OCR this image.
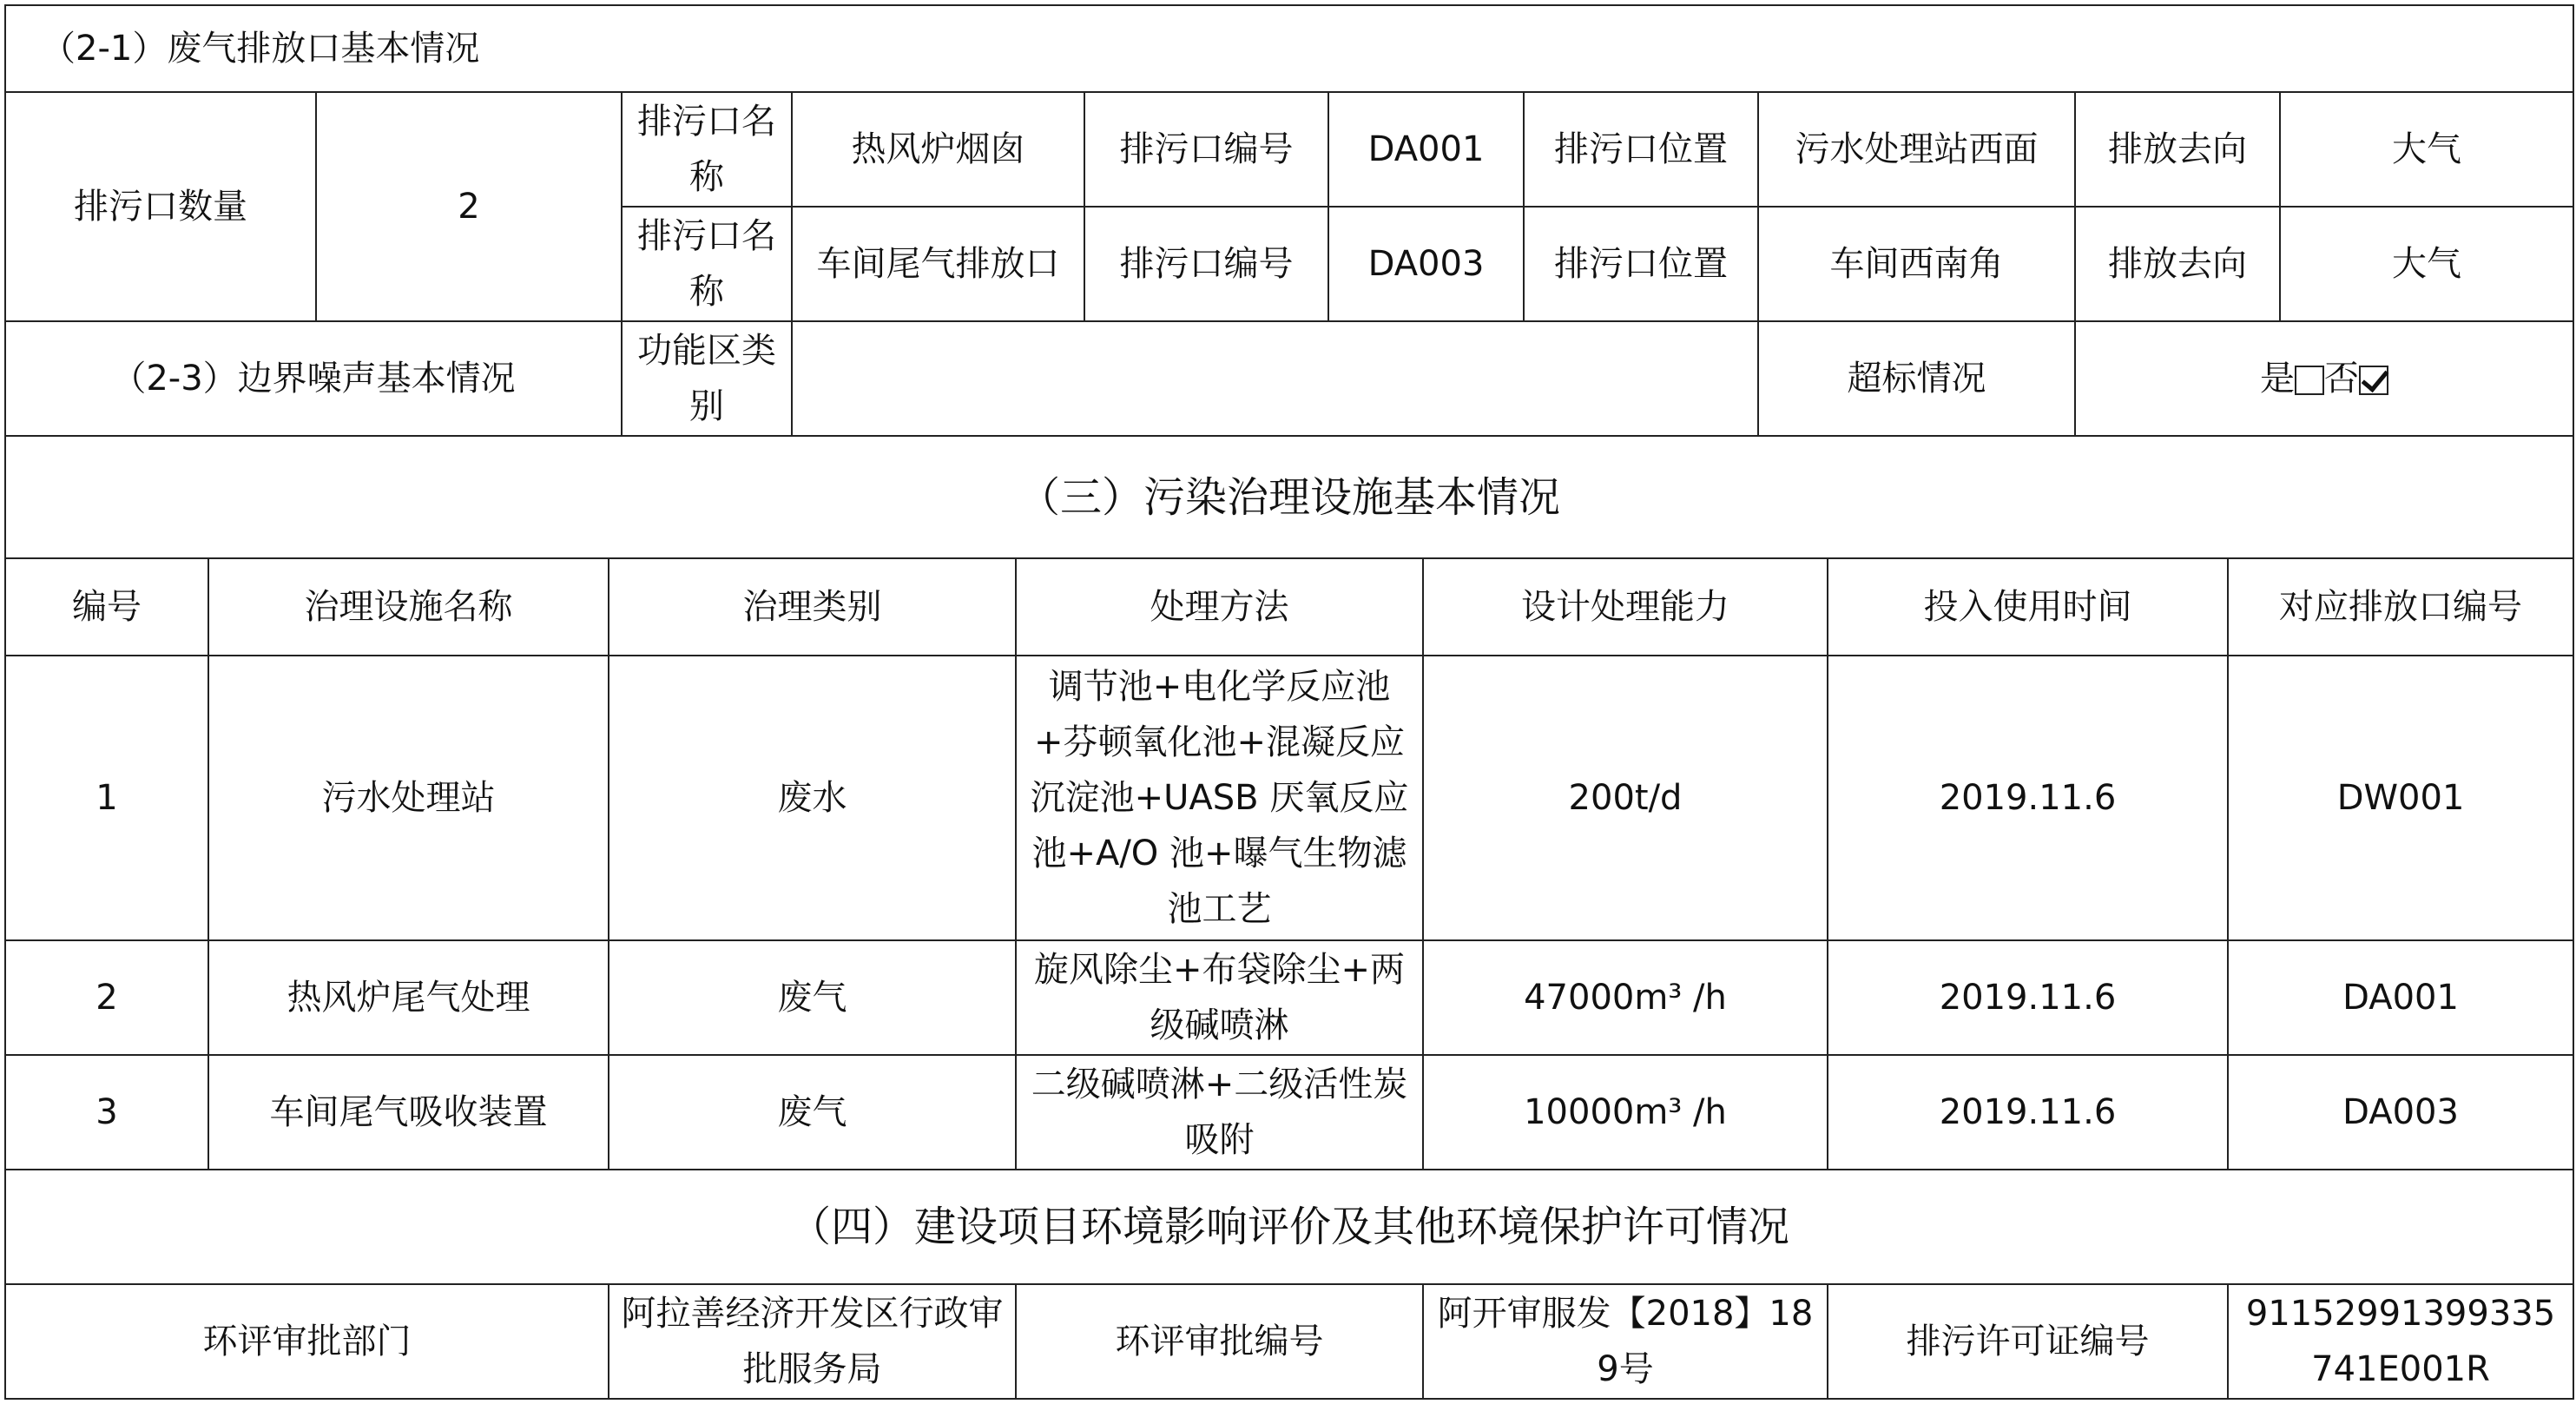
（2-1）废气排放口基本情况									
排污口数量	2	排污口名称	热风炉烟囱	排污口编号	DA001	排污口位置	污水处理站西面	排放去向	大气
		排污口名称	车间尾气排放口	排污口编号	DA003	排污口位置	车间西南角	排放去向	大气
（2-3）边界噪声基本情况		功能区类别					超标情况	是 否	
（三）污染治理设施基本情况						
编号	治理设施名称	治理类别	处理方法	设计处理能力	投入使用时间	对应排放口编号
1	污水处理站	废水	调节池+电化学反应池+芬顿氧化池+混凝反应沉淀池+UASB 厌氧反应池+A/O 池+曝气生物滤池工艺	200t/d	2019.11.6	DW001
2	热风炉尾气处理	废气	旋风除尘+布袋除尘+两级碱喷淋	47000m³ /h	2019.11.6	DA001
3	车间尾气吸收装置	废气	二级碱喷淋+二级活性炭吸附	10000m³ /h	2019.11.6	DA003
（四）建设项目环境影响评价及其他环境保护许可情况						
环评审批部门		阿拉善经济开发区行政审批服务局	环评审批编号	阿开审服发【2018】189号	排污许可证编号	91152991399335741E001R
